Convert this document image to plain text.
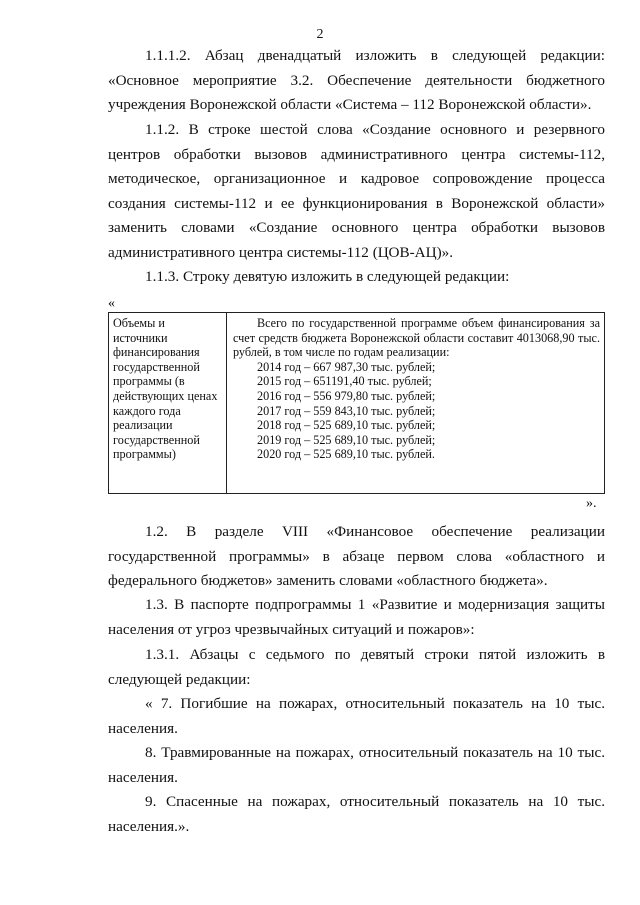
2

1.1.1.2. Абзац двенадцатый изложить в следующей редакции: «Основное мероприятие 3.2. Обеспечение деятельности бюджетного учреждения Воронежской области «Система – 112 Воронежской области».

1.1.2. В строке шестой слова «Создание основного и резервного центров обработки вызовов административного центра системы-112, методическое, организационное и кадровое сопровождение процесса создания системы-112 и ее функционирования в Воронежской области» заменить словами «Создание основного центра обработки вызовов административного центра системы-112 (ЦОВ-АЦ)».

1.1.3. Строку девятую изложить в следующей редакции:

«
Объемы и
источники
финансирования
государственной
программы (в
действующих ценах
каждого года
реализации
государственной
программы)

Всего по государственной программе объем финансирования за счет средств бюджета Воронежской области составит 4013068,90 тыс. рублей, в том числе по годам реализации:

2014 год – 667 987,30 тыс. рублей;
2015 год – 651191,40 тыс. рублей;
2016 год – 556 979,80 тыс. рублей;
2017 год – 559 843,10 тыс. рублей;
2018 год – 525 689,10 тыс. рублей;
2019 год – 525 689,10 тыс. рублей;
2020 год – 525 689,10 тыс. рублей.
».

1.2. В разделе VIII «Финансовое обеспечение реализации государственной программы» в абзаце первом слова «областного и федерального бюджетов» заменить словами «областного бюджета».

1.3. В паспорте подпрограммы 1 «Развитие и модернизация защиты населения от угроз чрезвычайных ситуаций и пожаров»:

1.3.1. Абзацы с седьмого по девятый строки пятой изложить в следующей редакции:

« 7. Погибшие на пожарах, относительный показатель на 10 тыс. населения.

8. Травмированные на пожарах, относительный показатель на 10 тыс. населения.

9. Спасенные на пожарах, относительный показатель на 10 тыс. населения.».
